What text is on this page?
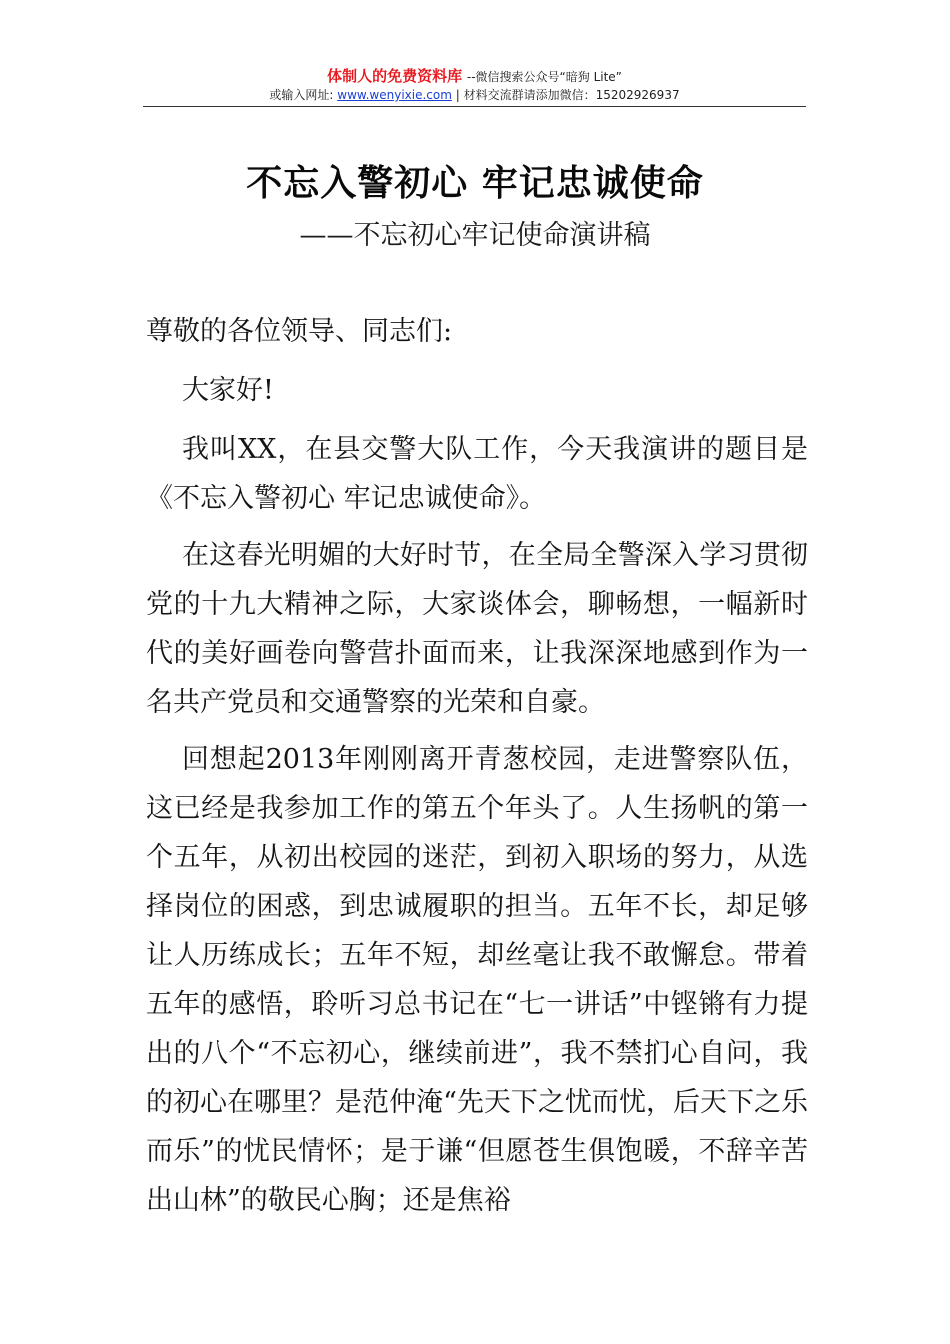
体制人的免费资料库 --微信搜索公众号“暗狗 Lite”
或输入网址: www.wenyixie.com | 材料交流群请添加微信：15202926937
不忘入警初心 牢记忠诚使命
——不忘初心牢记使命演讲稿

尊敬的各位领导、同志们:

大家好!

我叫XX，在县交警大队工作，今天我演讲的题目是《不忘入警初心 牢记忠诚使命》。

在这春光明媚的大好时节，在全局全警深入学习贯彻党的十九大精神之际，大家谈体会，聊畅想，一幅新时代的美好画卷向警营扑面而来，让我深深地感到作为一名共产党员和交通警察的光荣和自豪。

回想起2013年刚刚离开青葱校园，走进警察队伍，这已经是我参加工作的第五个年头了。人生扬帆的第一个五年，从初出校园的迷茫，到初入职场的努力，从选择岗位的困惑，到忠诚履职的担当。五年不长，却足够让人历练成长；五年不短，却丝毫让我不敢懈怠。带着五年的感悟，聆听习总书记在“七一讲话”中铿锵有力提出的八个“不忘初心，继续前进”，我不禁扪心自问，我的初心在哪里？是范仲淹“先天下之忧而忧，后天下之乐而乐”的忧民情怀；是于谦“但愿苍生俱饱暖，不辞辛苦出山林”的敬民心胸；还是焦裕
